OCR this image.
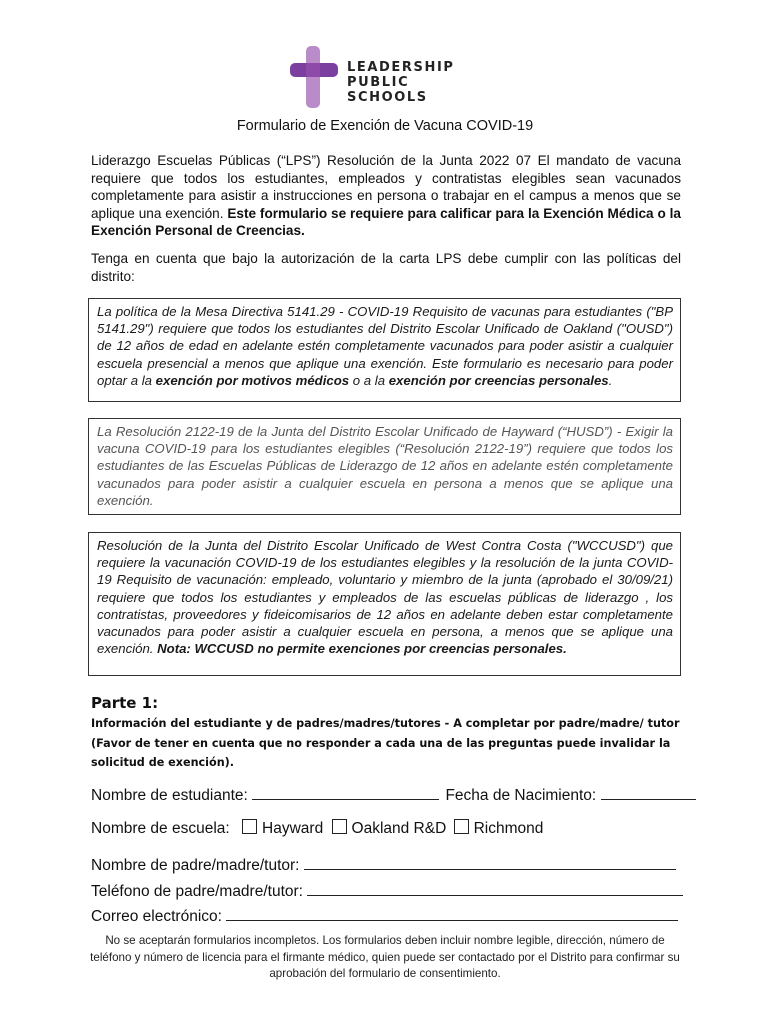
LEADERSHIP
PUBLIC SCHOOLS
Formulario de Exención de Vacuna COVID-19
Liderazgo Escuelas Públicas (“LPS”) Resolución de la Junta 2022 07 El mandato de vacuna requiere que todos los estudiantes, empleados y contratistas elegibles sean vacunados completamente para asistir a instrucciones en persona o trabajar en el campus a menos que se aplique una exención. Este formulario se requiere para calificar para la Exención Médica o la Exención Personal de Creencias.
Tenga en cuenta que bajo la autorización de la carta LPS debe cumplir con las políticas del distrito:
La política de la Mesa Directiva 5141.29 - COVID-19 Requisito de vacunas para estudiantes ("BP 5141.29") requiere que todos los estudiantes del Distrito Escolar Unificado de Oakland ("OUSD") de 12 años de edad en adelante estén completamente vacunados para poder asistir a cualquier escuela presencial a menos que aplique una exención. Este formulario es necesario para poder optar a la exención por motivos médicos o a la exención por creencias personales.
La Resolución 2122-19 de la Junta del Distrito Escolar Unificado de Hayward (“HUSD”) - Exigir la vacuna COVID-19 para los estudiantes elegibles (“Resolución 2122-19”) requiere que todos los estudiantes de las Escuelas Públicas de Liderazgo de 12 años en adelante estén completamente vacunados para poder asistir a cualquier escuela en persona a menos que se aplique una exención.
Resolución de la Junta del Distrito Escolar Unificado de West Contra Costa ("WCCUSD") que requiere la vacunación COVID-19 de los estudiantes elegibles y la resolución de la junta COVID-19 Requisito de vacunación: empleado, voluntario y miembro de la junta (aprobado el 30/09/21) requiere que todos los estudiantes y empleados de las escuelas públicas de liderazgo , los contratistas, proveedores y fideicomisarios de 12 años en adelante deben estar completamente vacunados para poder asistir a cualquier escuela en persona, a menos que se aplique una exención. Nota: WCCUSD no permite exenciones por creencias personales.
Parte 1:
Información del estudiante y de padres/madres/tutores - A completar por padre/madre/ tutor (Favor de tener en cuenta que no responder a cada una de las preguntas puede invalidar la solicitud de exención).
Nombre de estudiante:	Fecha de Nacimiento:
Nombre de escuela: Hayward Oakland R&D Richmond
Nombre de padre/madre/tutor:
Teléfono de padre/madre/tutor:
Correo electrónico:
No se aceptarán formularios incompletos. Los formularios deben incluir nombre legible, dirección, número de teléfono y número de licencia para el firmante médico, quien puede ser contactado por el Distrito para confirmar su aprobación del formulario de consentimiento.
